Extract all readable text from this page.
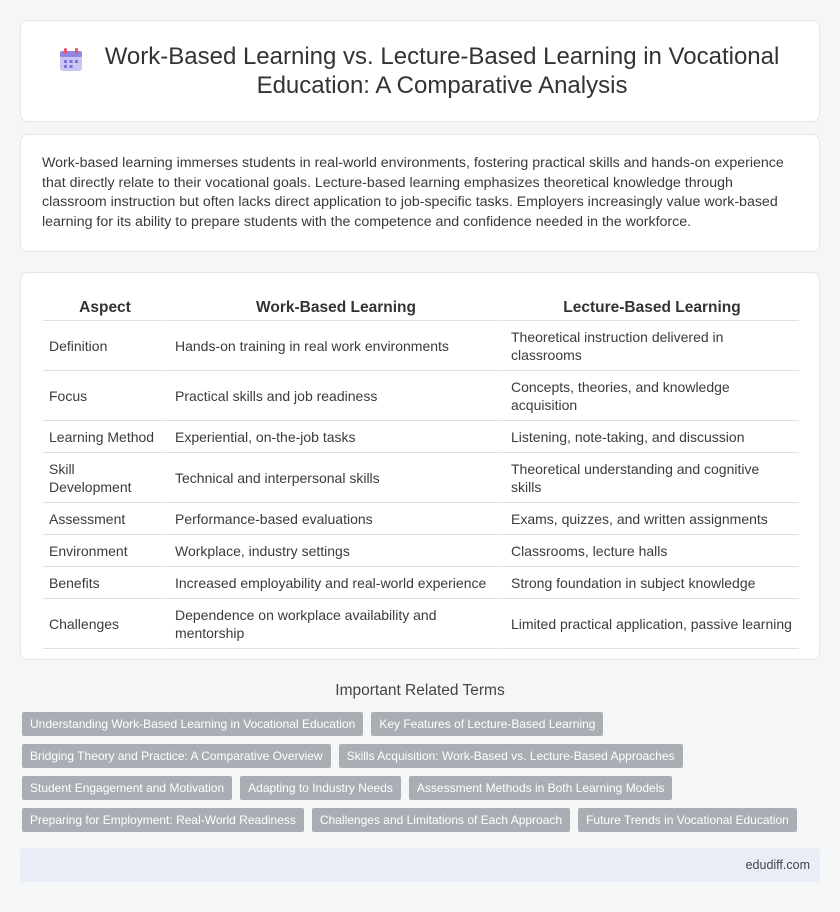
Work-Based Learning vs. Lecture-Based Learning in Vocational Education: A Comparative Analysis

Work-based learning immerses students in real-world environments, fostering practical skills and hands-on experience that directly relate to their vocational goals. Lecture-based learning emphasizes theoretical knowledge through classroom instruction but often lacks direct application to job-specific tasks. Employers increasingly value work-based learning for its ability to prepare students with the competence and confidence needed in the workforce.

Aspect	Work-Based Learning	Lecture-Based Learning
Definition	Hands-on training in real work environments	Theoretical instruction delivered in classrooms
Focus	Practical skills and job readiness	Concepts, theories, and knowledge acquisition
Learning Method	Experiential, on-the-job tasks	Listening, note-taking, and discussion
Skill Development	Technical and interpersonal skills	Theoretical understanding and cognitive skills
Assessment	Performance-based evaluations	Exams, quizzes, and written assignments
Environment	Workplace, industry settings	Classrooms, lecture halls
Benefits	Increased employability and real-world experience	Strong foundation in subject knowledge
Challenges	Dependence on workplace availability and mentorship	Limited practical application, passive learning
Important Related Terms
Understanding Work-Based Learning in Vocational Education	Key Features of Lecture-Based Learning
Bridging Theory and Practice: A Comparative Overview	Skills Acquisition: Work-Based vs. Lecture-Based Approaches
Student Engagement and Motivation	Adapting to Industry Needs	Assessment Methods in Both Learning Models
Preparing for Employment: Real-World Readiness	Challenges and Limitations of Each Approach	Future Trends in Vocational Education
edudiff.com
